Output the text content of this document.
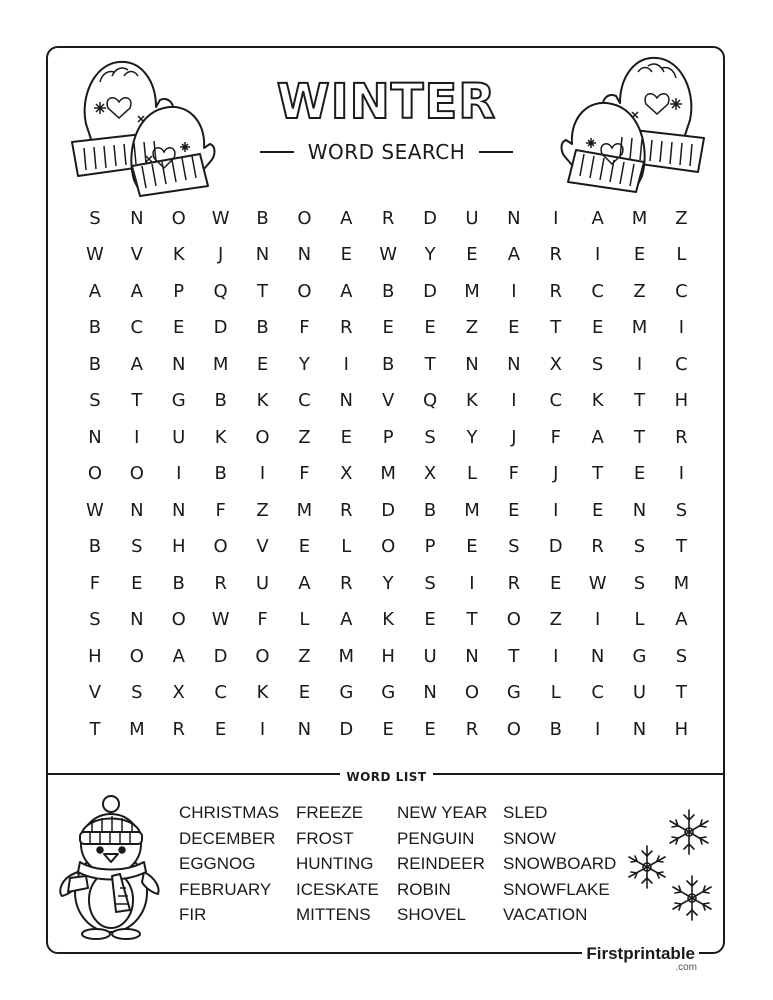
WINTER
WORD SEARCH
S	N	O	W	B	O	A	R	D	U	N	I	A	M	Z
W	V	K	J	N	N	E	W	Y	E	A	R	I	E	L
A	A	P	Q	T	O	A	B	D	M	I	R	C	Z	C
B	C	E	D	B	F	R	E	E	Z	E	T	E	M	I
B	A	N	M	E	Y	I	B	T	N	N	X	S	I	C
S	T	G	B	K	C	N	V	Q	K	I	C	K	T	H
N	I	U	K	O	Z	E	P	S	Y	J	F	A	T	R
O	O	I	B	I	F	X	M	X	L	F	J	T	E	I
W	N	N	F	Z	M	R	D	B	M	E	I	E	N	S
B	S	H	O	V	E	L	O	P	E	S	D	R	S	T
F	E	B	R	U	A	R	Y	S	I	R	E	W	S	M
S	N	O	W	F	L	A	K	E	T	O	Z	I	L	A
H	O	A	D	O	Z	M	H	U	N	T	I	N	G	S
V	S	X	C	K	E	G	G	N	O	G	L	C	U	T
T	M	R	E	I	N	D	E	E	R	O	B	I	N	H
WORD LIST
CHRISTMAS
DECEMBER
EGGNOG
FEBRUARY
FIR
FREEZE
FROST
HUNTING
ICESKATE
MITTENS
NEW YEAR
PENGUIN
REINDEER
ROBIN
SHOVEL
SLED
SNOW
SNOWBOARD
SNOWFLAKE
VACATION
Firstprintable
.com
